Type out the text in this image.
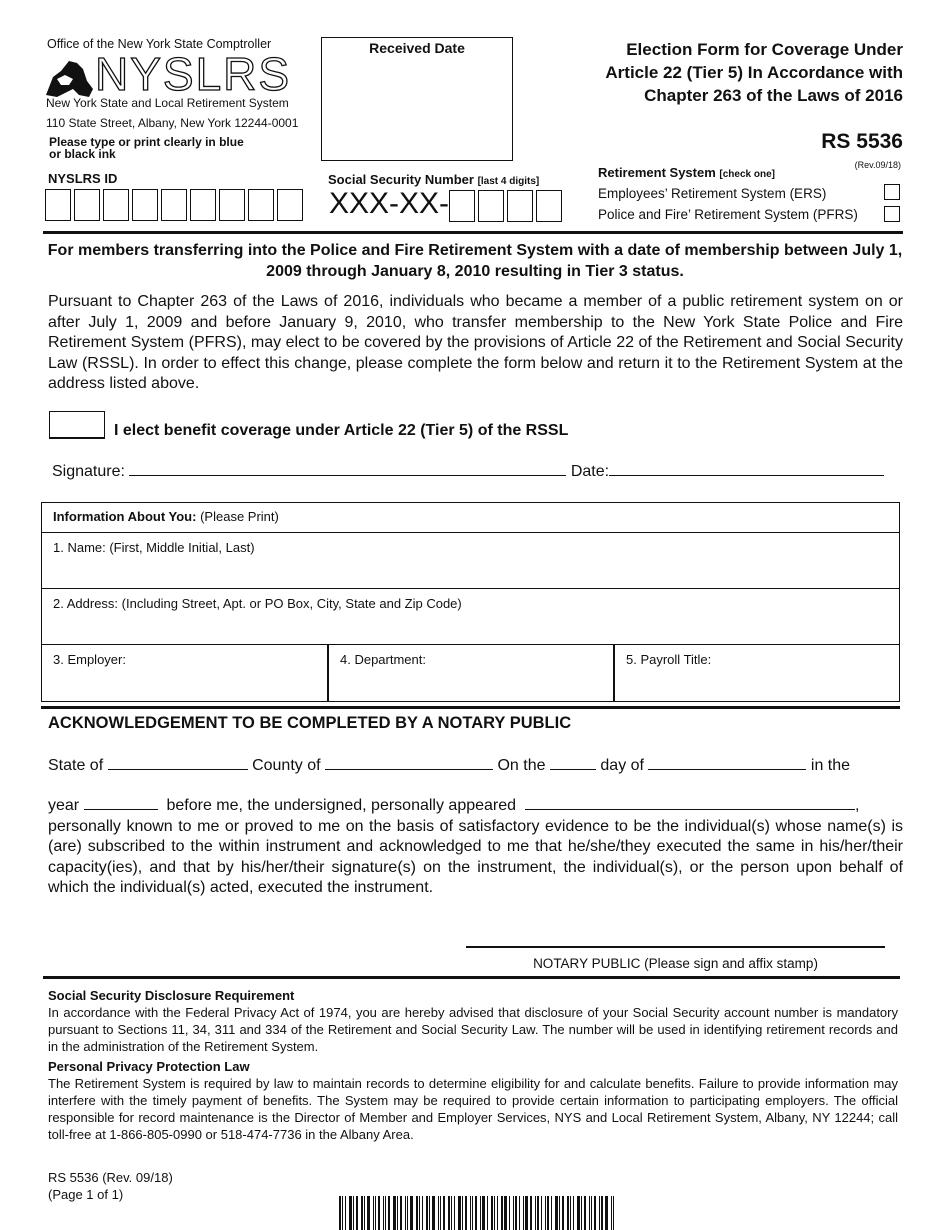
Office of the New York State Comptroller
NYSLRS
New York State and Local Retirement System
110 State Street, Albany, New York 12244-0001
Please type or print clearly in blue or black ink
Received Date	Election Form for Coverage Under
Article 22 (Tier 5) In Accordance with
Chapter 263 of the Laws of 2016
RS 5536
(Rev.09/18)
NYSLRS ID	Social Security Number [last 4 digits]
XXX-XX-
Retirement System [check one]
Employees’ Retirement System (ERS)
Police and Fire’ Retirement System (PFRS)
For members transferring into the Police and Fire Retirement System with a date of membership between July 1, 2009 through January 8, 2010 resulting in Tier 3 status.
Pursuant to Chapter 263 of the Laws of 2016, individuals who became a member of a public retirement system on or after July 1, 2009 and before January 9, 2010, who transfer membership to the New York State Police and Fire Retirement System (PFRS), may elect to be covered by the provisions of Article 22 of the Retirement and Social Security Law (RSSL). In order to effect this change, please complete the form below and return it to the Retirement System at the address listed above.
I elect benefit coverage under Article 22 (Tier 5) of the RSSL
Signature:	Date:
Information About You: (Please Print)
1. Name: (First, Middle Initial, Last)
2. Address: (Including Street, Apt. or PO Box, City, State and Zip Code)
3. Employer:	4. Department:	5. Payroll Title:
ACKNOWLEDGEMENT TO BE COMPLETED BY A NOTARY PUBLIC
State of	County of	On the	day of	in the
year	before me, the undersigned, personally appeared	,
personally known to me or proved to me on the basis of satisfactory evidence to be the individual(s) whose name(s) is (are) subscribed to the within instrument and acknowledged to me that he/she/they executed the same in his/her/their capacity(ies), and that by his/her/their signature(s) on the instrument, the individual(s), or the person upon behalf of which the individual(s) acted, executed the instrument.
NOTARY PUBLIC (Please sign and affix stamp)
Social Security Disclosure Requirement
In accordance with the Federal Privacy Act of 1974, you are hereby advised that disclosure of your Social Security account number is mandatory pursuant to Sections 11, 34, 311 and 334 of the Retirement and Social Security Law. The number will be used in identifying retirement records and in the administration of the Retirement System.
Personal Privacy Protection Law
The Retirement System is required by law to maintain records to determine eligibility for and calculate benefits. Failure to provide information may interfere with the timely payment of benefits. The System may be required to provide certain information to participating employers. The official responsible for record maintenance is the Director of Member and Employer Services, NYS and Local Retirement System, Albany, NY 12244; call toll-free at 1-866-805-0990 or 518-474-7736 in the Albany Area.
RS 5536 (Rev. 09/18)
(Page 1 of 1)
